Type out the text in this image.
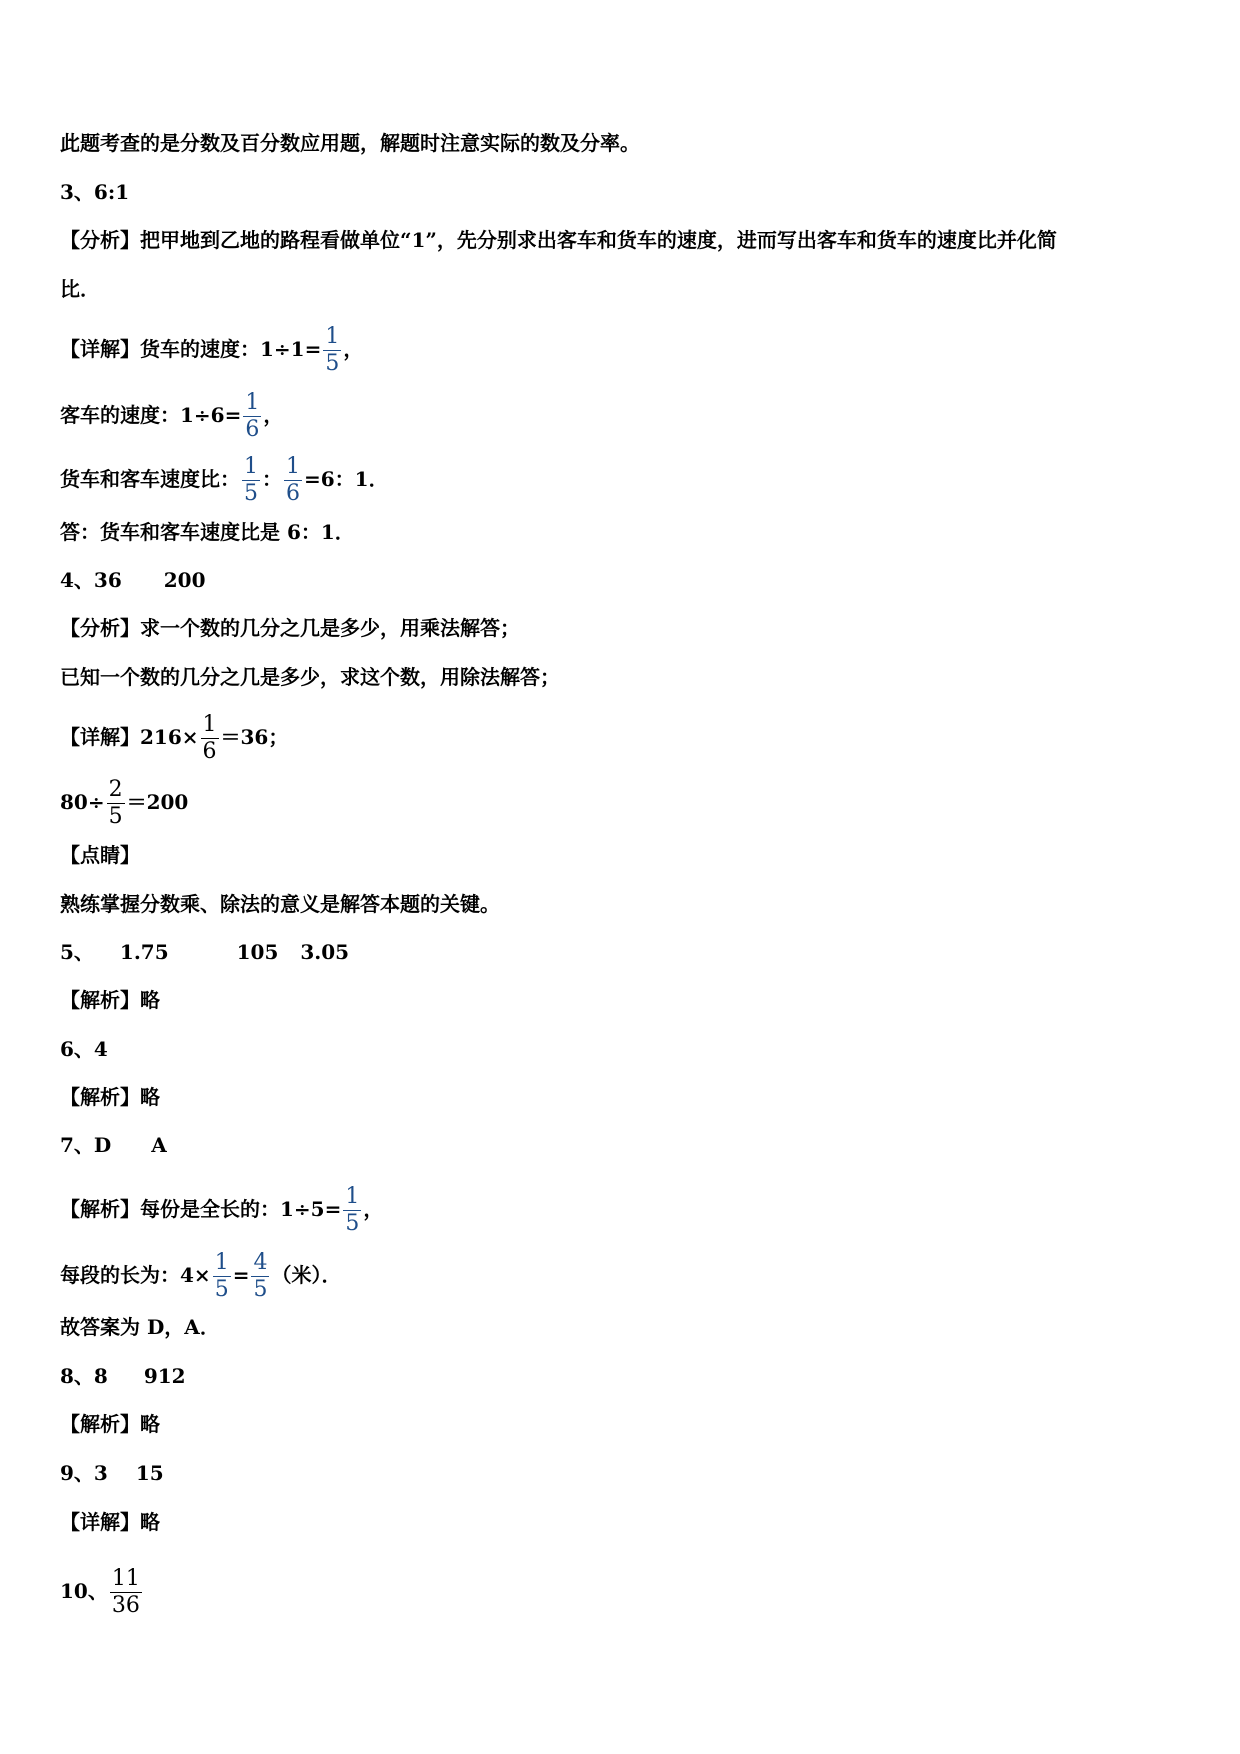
此题考查的是分数及百分数应用题，解题时注意实际的数及分率。
3、6:1
【分析】把甲地到乙地的路程看做单位“1”，先分别求出客车和货车的速度，进而写出客车和货车的速度比并化简
比．
【详解】货车的速度：$1\div 1= \frac{1}{5}$ ，
客车的速度：$1\div 6= \frac{1}{6}$ ，
货车和客车速度比： $\frac{1}{5}$ ： $\frac{1}{6} =6$：1．
答：货车和客车速度比是 6：1．
4、36 200
【分析】求一个数的几分之几是多少，用乘法解答；
已知一个数的几分之几是多少，求这个数，用除法解答；
【详解】$216\times \frac{1}{6} =36$；
$80\div \frac{2}{5} =200$
【点睛】
熟练掌握分数乘、除法的意义是解答本题的关键。
5、 1.75	105 3.05
【解析】略
6、4
【解析】略
7、D A
【解析】每份是全长的：$1\div 5= \frac{1}{5}$ ，
每段的长为：$4\times \frac{1}{5} = \frac{4}{5}$ （米）．
故答案为 D，A．
8、8 912
【解析】略
9、3 15
【详解】略
10、 $\frac{11}{36}$
